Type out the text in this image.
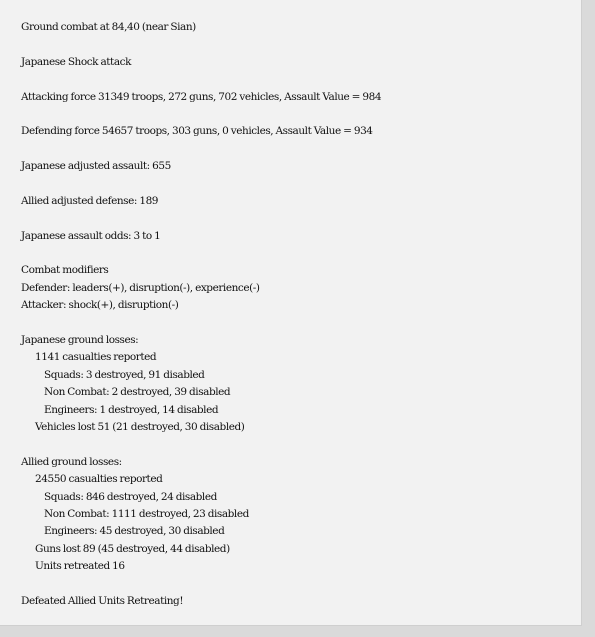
Ground combat at 84,40 (near Sian)
Japanese Shock attack
Attacking force 31349 troops, 272 guns, 702 vehicles, Assault Value = 984
Defending force 54657 troops, 303 guns, 0 vehicles, Assault Value = 934
Japanese adjusted assault: 655
Allied adjusted defense: 189
Japanese assault odds: 3 to 1
Combat modifiers
Defender: leaders(+), disruption(-), experience(-)
Attacker: shock(+), disruption(-)
Japanese ground losses:
1141 casualties reported
Squads: 3 destroyed, 91 disabled
Non Combat: 2 destroyed, 39 disabled
Engineers: 1 destroyed, 14 disabled
Vehicles lost 51 (21 destroyed, 30 disabled)
Allied ground losses:
24550 casualties reported
Squads: 846 destroyed, 24 disabled
Non Combat: 1111 destroyed, 23 disabled
Engineers: 45 destroyed, 30 disabled
Guns lost 89 (45 destroyed, 44 disabled)
Units retreated 16
Defeated Allied Units Retreating!
